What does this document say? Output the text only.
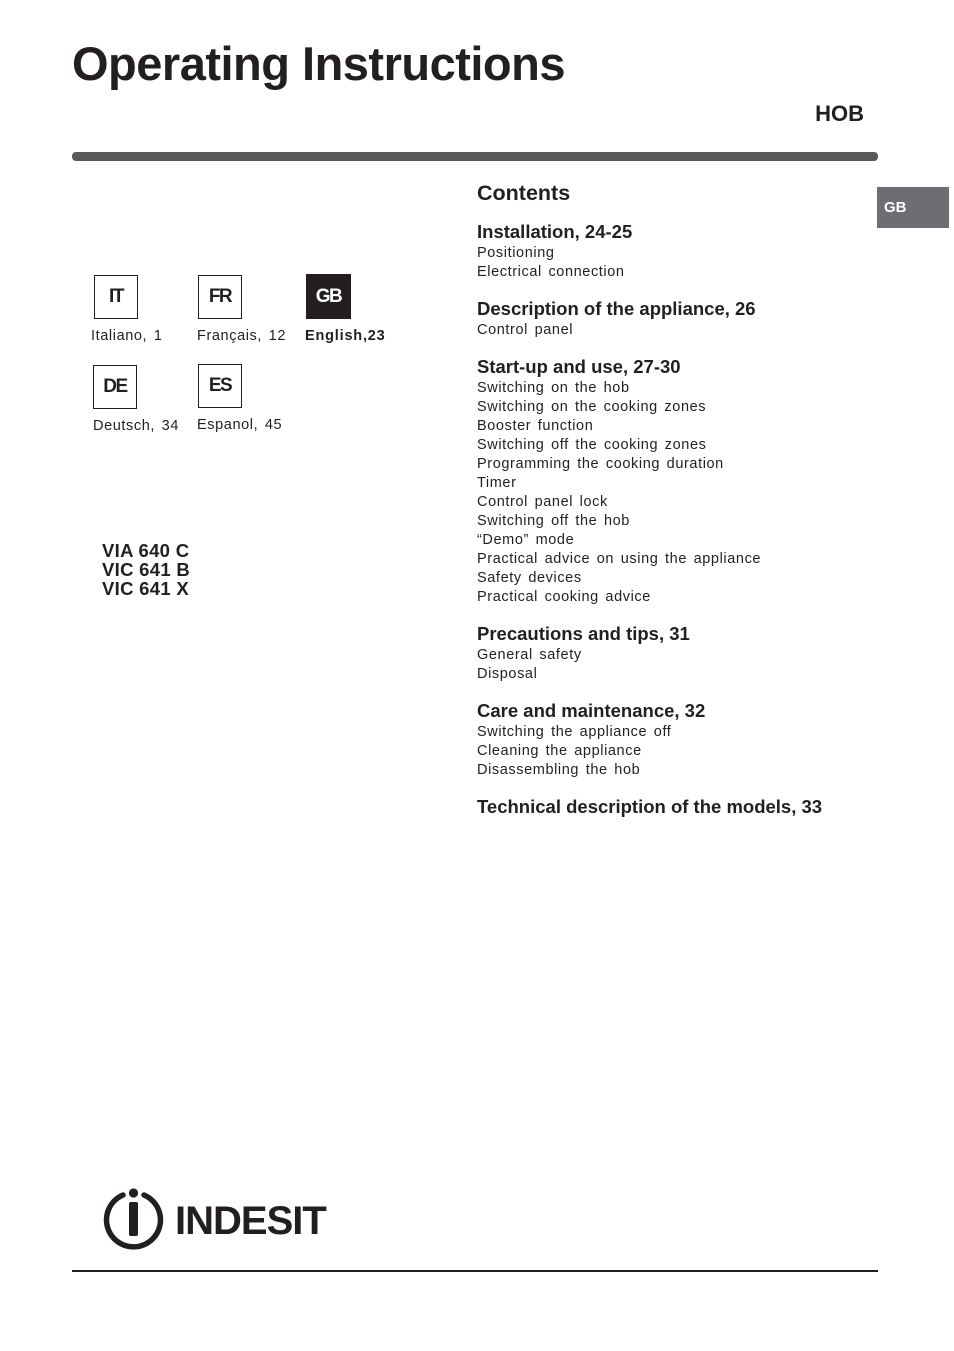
Operating Instructions
HOB
GB
IT
Italiano, 1
FR
Français, 12
GB
English,23
DE
Deutsch, 34
ES
Espanol, 45
VIA 640 C
VIC 641 B
VIC 641 X
Contents
Installation, 24-25
Positioning
Electrical connection
Description of the appliance, 26
Control panel
Start-up and use, 27-30
Switching on the hob
Switching on the cooking zones
Booster function
Switching off the cooking zones
Programming the cooking duration
Timer
Control panel lock
Switching off the hob
“Demo” mode
Practical advice on using the appliance
Safety devices
Practical cooking advice
Precautions and tips, 31
General safety
Disposal
Care and maintenance, 32
Switching the appliance off
Cleaning the appliance
Disassembling the hob
Technical description of the models, 33
INDESIT
